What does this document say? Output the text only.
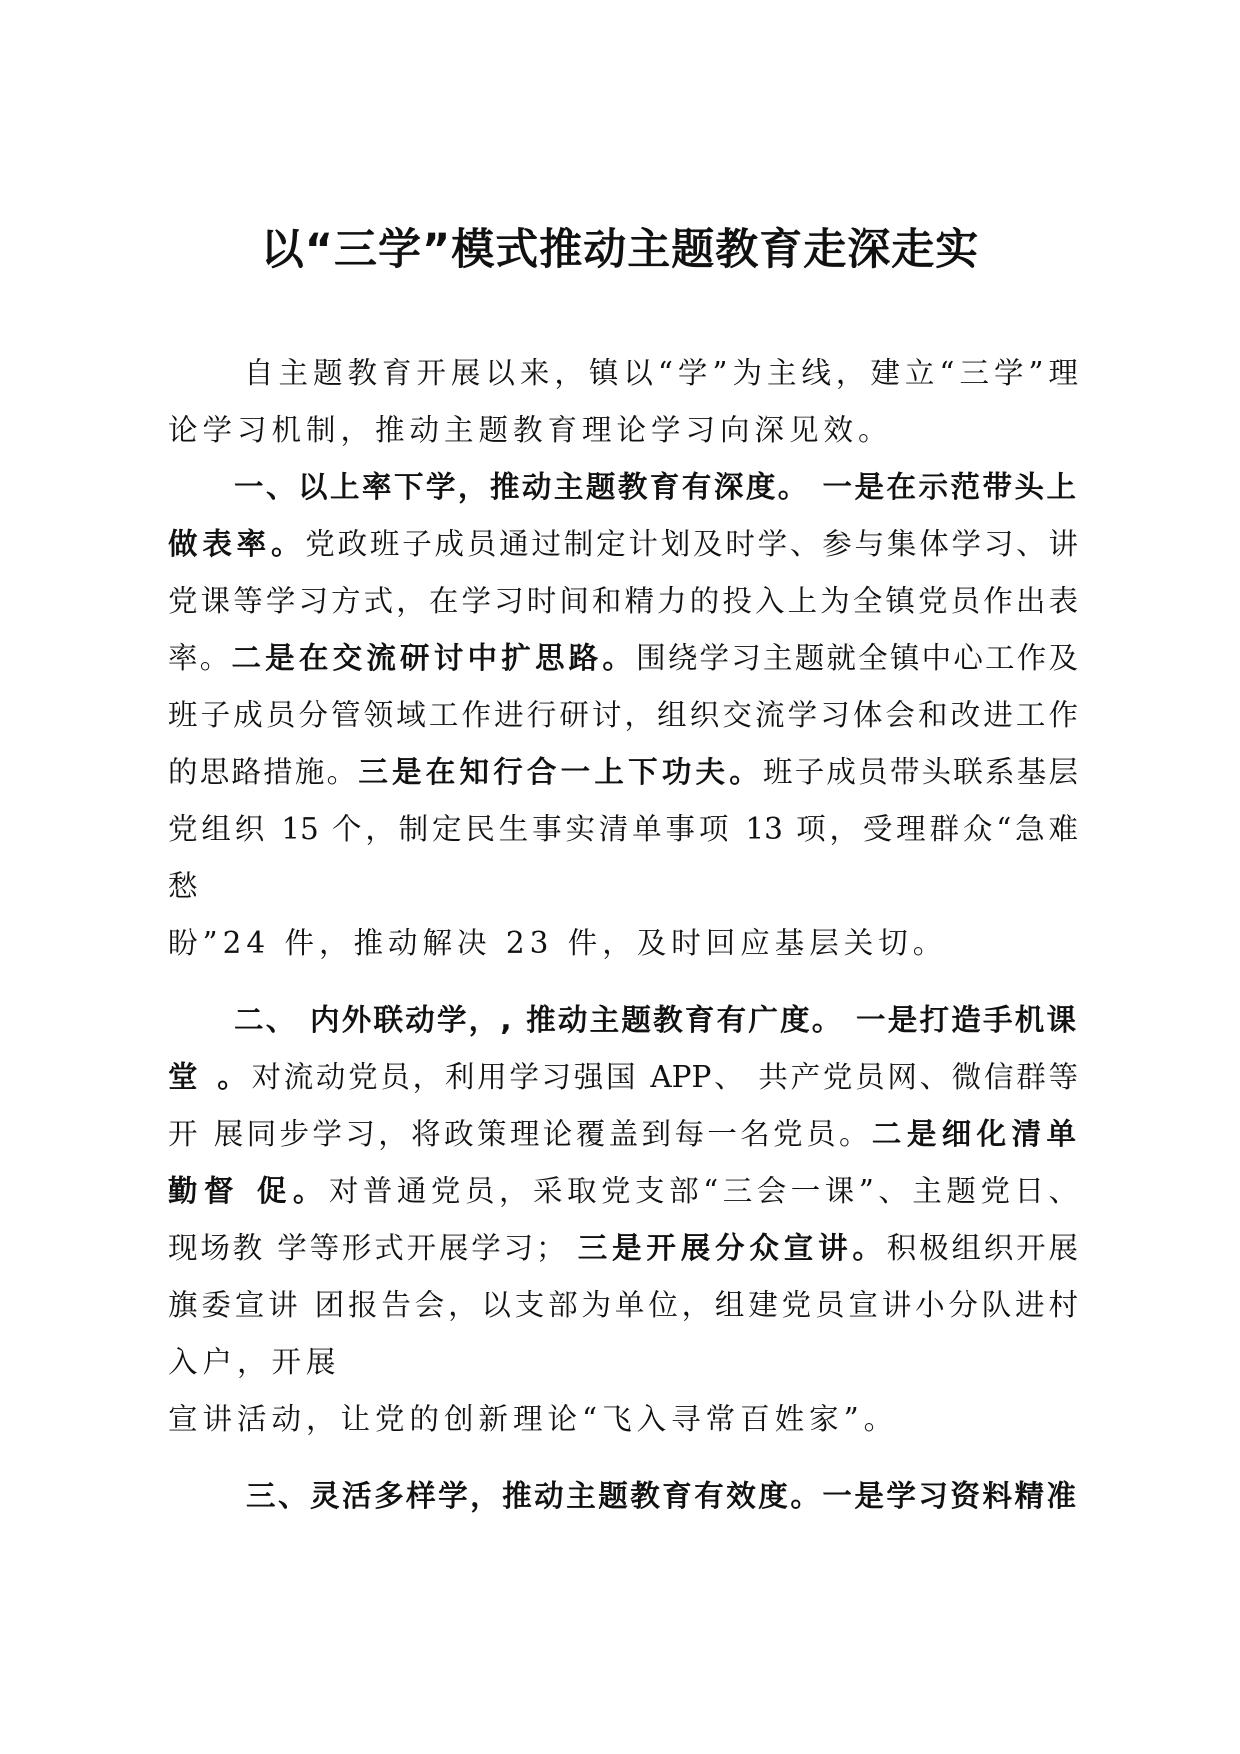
以“三学”模式推动主题教育走深走实
自主题教育开展以来，镇以“学”为主线，建立“三学”理
论学习机制，推动主题教育理论学习向深见效。
一、以上率下学，推动主题教育有深度。 一是在示范带头上
做表率。党政班子成员通过制定计划及时学、参与集体学习、讲
党课等学习方式，在学习时间和精力的投入上为全镇党员作出表
率。二是在交流研讨中扩思路。围绕学习主题就全镇中心工作及
班子成员分管领域工作进行研讨，组织交流学习体会和改进工作
的思路措施。三是在知行合一上下功夫。班子成员带头联系基层
党组织 15 个，制定民生事实清单事项 13 项，受理群众“急难
愁
盼”24 件，推动解决 23 件，及时回应基层关切。
二、 内外联动学，, 推动主题教育有广度。 一是打造手机课
堂 。对流动党员，利用学习强国 APP、 共产党员网、微信群等
开 展同步学习，将政策理论覆盖到每一名党员。二是细化清单
勤督 促。对普通党员，采取党支部“三会一课”、主题党日、
现场教 学等形式开展学习； 三是开展分众宣讲。积极组织开展
旗委宣讲 团报告会，以支部为单位，组建党员宣讲小分队进村
入户，开展
宣讲活动，让党的创新理论“飞入寻常百姓家”。
三、灵活多样学，推动主题教育有效度。一是学习资料精准
